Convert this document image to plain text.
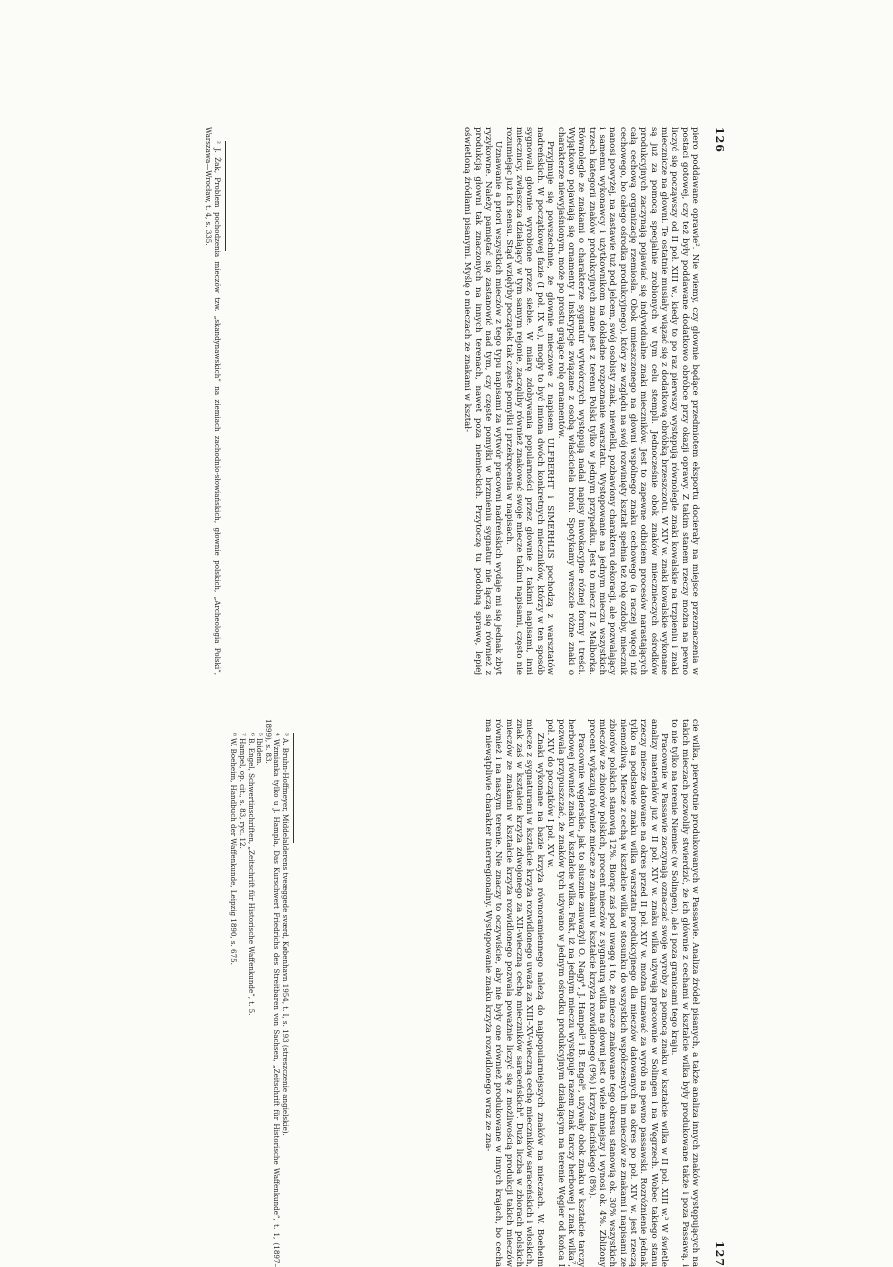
126

piero poddawane oprawie². Nie wiemy, czy głownie będące przedmiotem eksportu docierały na miejsce przeznaczenia w postaci gotowej, czy też były poddawane dodatkowo obróbce przy okazji oprawy. Z takim stanem rzeczy można na pewno liczyć się począwszy od II poł. XIII w., kiedy to po raz pierwszy występują równolegle znaki kowalskie na trzpieniu i znaki miecznicze na głowni. Te ostatnie musiały wiązać się z dodatkową obróbką brzeszczotu. W XIV w. znaki kowalskie wykonane są już za pomocą specjalnie zrobionych w tym celu stempli. Jednocześnie obok znaków miecznieczych ośrodków produkcyjnych zaczynają pojawiać się indywidualne znaki mieczników. Jest to zapewne odbiciem procesów narastających całą cechową organizację rzemiosła. Obok umieszczonego na głowni wspólnego znaku cechowego (a raczej więcej niż cechowego, bo całego ośrodka produkcyjnego), który ze względu na swój rozwinięty kształt spełnia też rolę ozdoby, miecznik nanosi powyżej, na zastawie tuż pod jelcem, swój osobisty znak, niewielki, pozbawiony charakteru dekoracji, ale pozwalający i samemu wykonawcy i użytkownikom na dokładne rozpoznanie warsztatu. Występowanie na jednym mieczu wszystkich trzech kategorii znaków produkcyjnych znane jest z terenu Polski tylko w jednym przypadku. Jest to miecz II z Malborka. Równolegle ze znakami o charakterze sygnatur wytwórczych występują nadal napisy inwokacyjne różnej formy i treści. Wyjątkowo pojawiają się ornamenty i inskrypcje związane z osobą właściciela broni. Spotykamy wreszcie różne znaki o charakterze niewyjaśnionym, może po prostu grające rolę ornamentów.

Przyjmuje się powszechnie, że głownie mieczowe z napisem ULFBERHT i SIMERHLIS pochodzą z warsztatów nadreńskich. W początkowej fazie (I poł. IX w.), mogły to być imiona dwóch konkretnych mieczników, którzy w ten sposób sygnowali głownie wyrobione przez siebie. W miarę zdobywania popularności przez głownie z takimi napisami, inni miecznicy, zwłaszcza działający w tym samym rejonie, zaczęliby również znakować swoje miecze takimi napisami, często nie rozumiejąc już ich sensu. Stąd wzięłyby początek tak częste pomyłki i przekręcenia w napisach.

Uznawanie a priori wszystkich mieczów z tego typu napisami za wytwór pracowni nadreńskich wydaje mi się jednak zbyt ryzykowne. Należy pamiętać się zastanowić nad tym, czy częste pomyłki w brzmieniu sygnatur nie łączą się również z produkcją głowni tak znaczonych na innych terenach, nawet poza niemieckich. Przytoczę tu podobną sprawę, lepiej oświetloną źródłami pisanymi. Myślę o mieczach ze znakami w kształ-

² J. Żak, Problem pochodzenia mieczów tzw. „skandynawskich” na ziemiach zachodnio-słowiańskich, głownie polskich, „Archeologia Polski”, Warszawa—Wrocław, t. 4, s. 335.

127

cie wilka, pierwotnie produkowanych w Passawie. Analiza źródeł pisanych, a także analiza innych znaków występujących na takich mieczach pozwoliły stwierdzić, że ich głównie z cechami w kształcie wilka były produkowane także i poza Passawą, i to nie tylko na terenie Niemiec (w Solingen), ale i poza granicami tego kraju.

Pracownie w Passawie zaczynają oznaczać swoje wyroby za pomocą znaku w kształcie wilka w II poł. XIII w.³ W świetle analizy materiałów już w II poł. XIV w. znaku wilka używają pracownie w Solingen i na Węgrzech. Wobec takiego stanu rzeczy miecze datowane na okres przed II poł. XIV w. można uznawać za wyrób na pewno passawski. Rozróżnienie jednak tylko na podstawie znaku wilka warsztatu produkcyjnego dla mieczów datowanych na okres po poł. XIV w. jest rzeczą niemożliwą. Miecze z cechą w kształcie wilka w stosunku do wszystkich współczesnych im mieczów ze znakami i napisami ze zbiorów polskich stanowią 12%. Biorąc zaś pod uwagę i to, że miecze znakowane tego okresu stanowią ok. 30% wszystkich mieczów ze zbiorów polskich, procent mieczów z sygnaturą wilka na głowni jest o wiele mniejszy i wynosi ok. 4%. Zbliżony procent wykazują również miecze ze znakami w kształcie krzyża rozwidlonego (9%) i krzyża łacińskiego (8%).

Pracownie węgierskie, jak to słusznie zauważyli O. Nagy⁴, J. Hampel⁵ i B. Engel⁶, używały obok znaku w kształcie tarczy herbowej również znaku w kształcie wilka. Fakt, iż na jednym mieczu występuje razem znak tarczy herbowej i znak wilka⁷, pozwala przypuszczać, że znaków tych używano w jednym ośrodku produkcyjnym działającym na terenie Węgier od końca I poł. XIV do początków I poł. XV w.

Znaki wykonane na bazie krzyża równoramiennego należą do najpopularniejszych znaków na mieczach. W. Boeheim miecze z sygnaturami w kształcie krzyża rozwidlonego uważa za XIII–XV-wieczną cechę mieczników saraceńskich i włoskich, znak zaś w kształcie krzyża zdwojonego za XII-wieczną cechę mieczników saraceńskich⁸. Duża liczba w zbiorach polskich mieczów ze znakami w kształcie krzyża rozwidlonego pozwala poważnie liczyć się z możliwością produkcji takich mieczów również i na naszym terenie. Nie znaczy to oczywiście, aby nie były one również produkowane w innych krajach, bo cecha ma niewątpliwie charakter interregionalny. Występowanie znaku krzyża rozwidlonego wraz ze zna-

³ A. Bruhn-Hoffmeyer, Middelalderens tveæggede sværd, København 1954, t. I, s. 193 (streszczenie angielskie).

⁴ Wzmianka tylko u J. Hampla, Das Kurschwert Friedrichs des Streitbaren von Sachsen, „Zeitschrift für Historische Waffenkunde”, t. 1, (1897–1899), s. 83.

⁵ Ibidem.

⁶ B. Engel, Schwertinschriften, „Zeitschrift für Historische Waffenkunde”, t. 5.

⁷ Hampel, op. cit., s. 83, ryc. 12.

⁸ W. Boeheim, Handbuch der Waffenkunde, Leipzig 1890, s. 675.
